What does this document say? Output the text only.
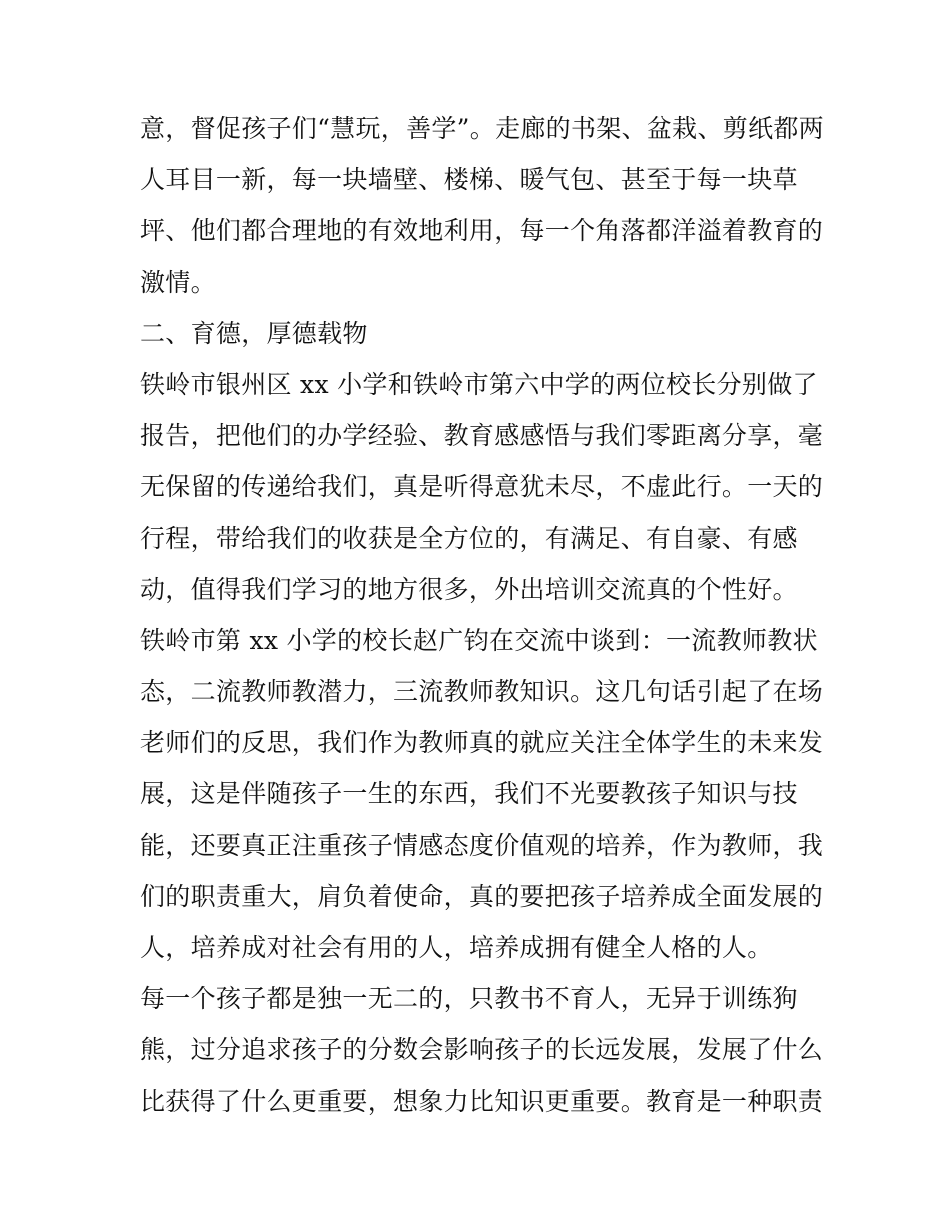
意，督促孩子们“慧玩，善学”。走廊的书架、盆栽、剪纸都两
人耳目一新，每一块墙壁、楼梯、暖气包、甚至于每一块草
坪、他们都合理地的有效地利用，每一个角落都洋溢着教育的
激情。
二、育德，厚德载物
铁岭市银州区 xx 小学和铁岭市第六中学的两位校长分别做了
报告，把他们的办学经验、教育感感悟与我们零距离分享，毫
无保留的传递给我们，真是听得意犹未尽，不虚此行。一天的
行程，带给我们的收获是全方位的，有满足、有自豪、有感
动，值得我们学习的地方很多，外出培训交流真的个性好。
铁岭市第 xx 小学的校长赵广钧在交流中谈到：一流教师教状
态，二流教师教潜力，三流教师教知识。这几句话引起了在场
老师们的反思，我们作为教师真的就应关注全体学生的未来发
展，这是伴随孩子一生的东西，我们不光要教孩子知识与技
能，还要真正注重孩子情感态度价值观的培养，作为教师，我
们的职责重大，肩负着使命，真的要把孩子培养成全面发展的
人，培养成对社会有用的人，培养成拥有健全人格的人。
每一个孩子都是独一无二的，只教书不育人，无异于训练狗
熊，过分追求孩子的分数会影响孩子的长远发展，发展了什么
比获得了什么更重要，想象力比知识更重要。教育是一种职责
